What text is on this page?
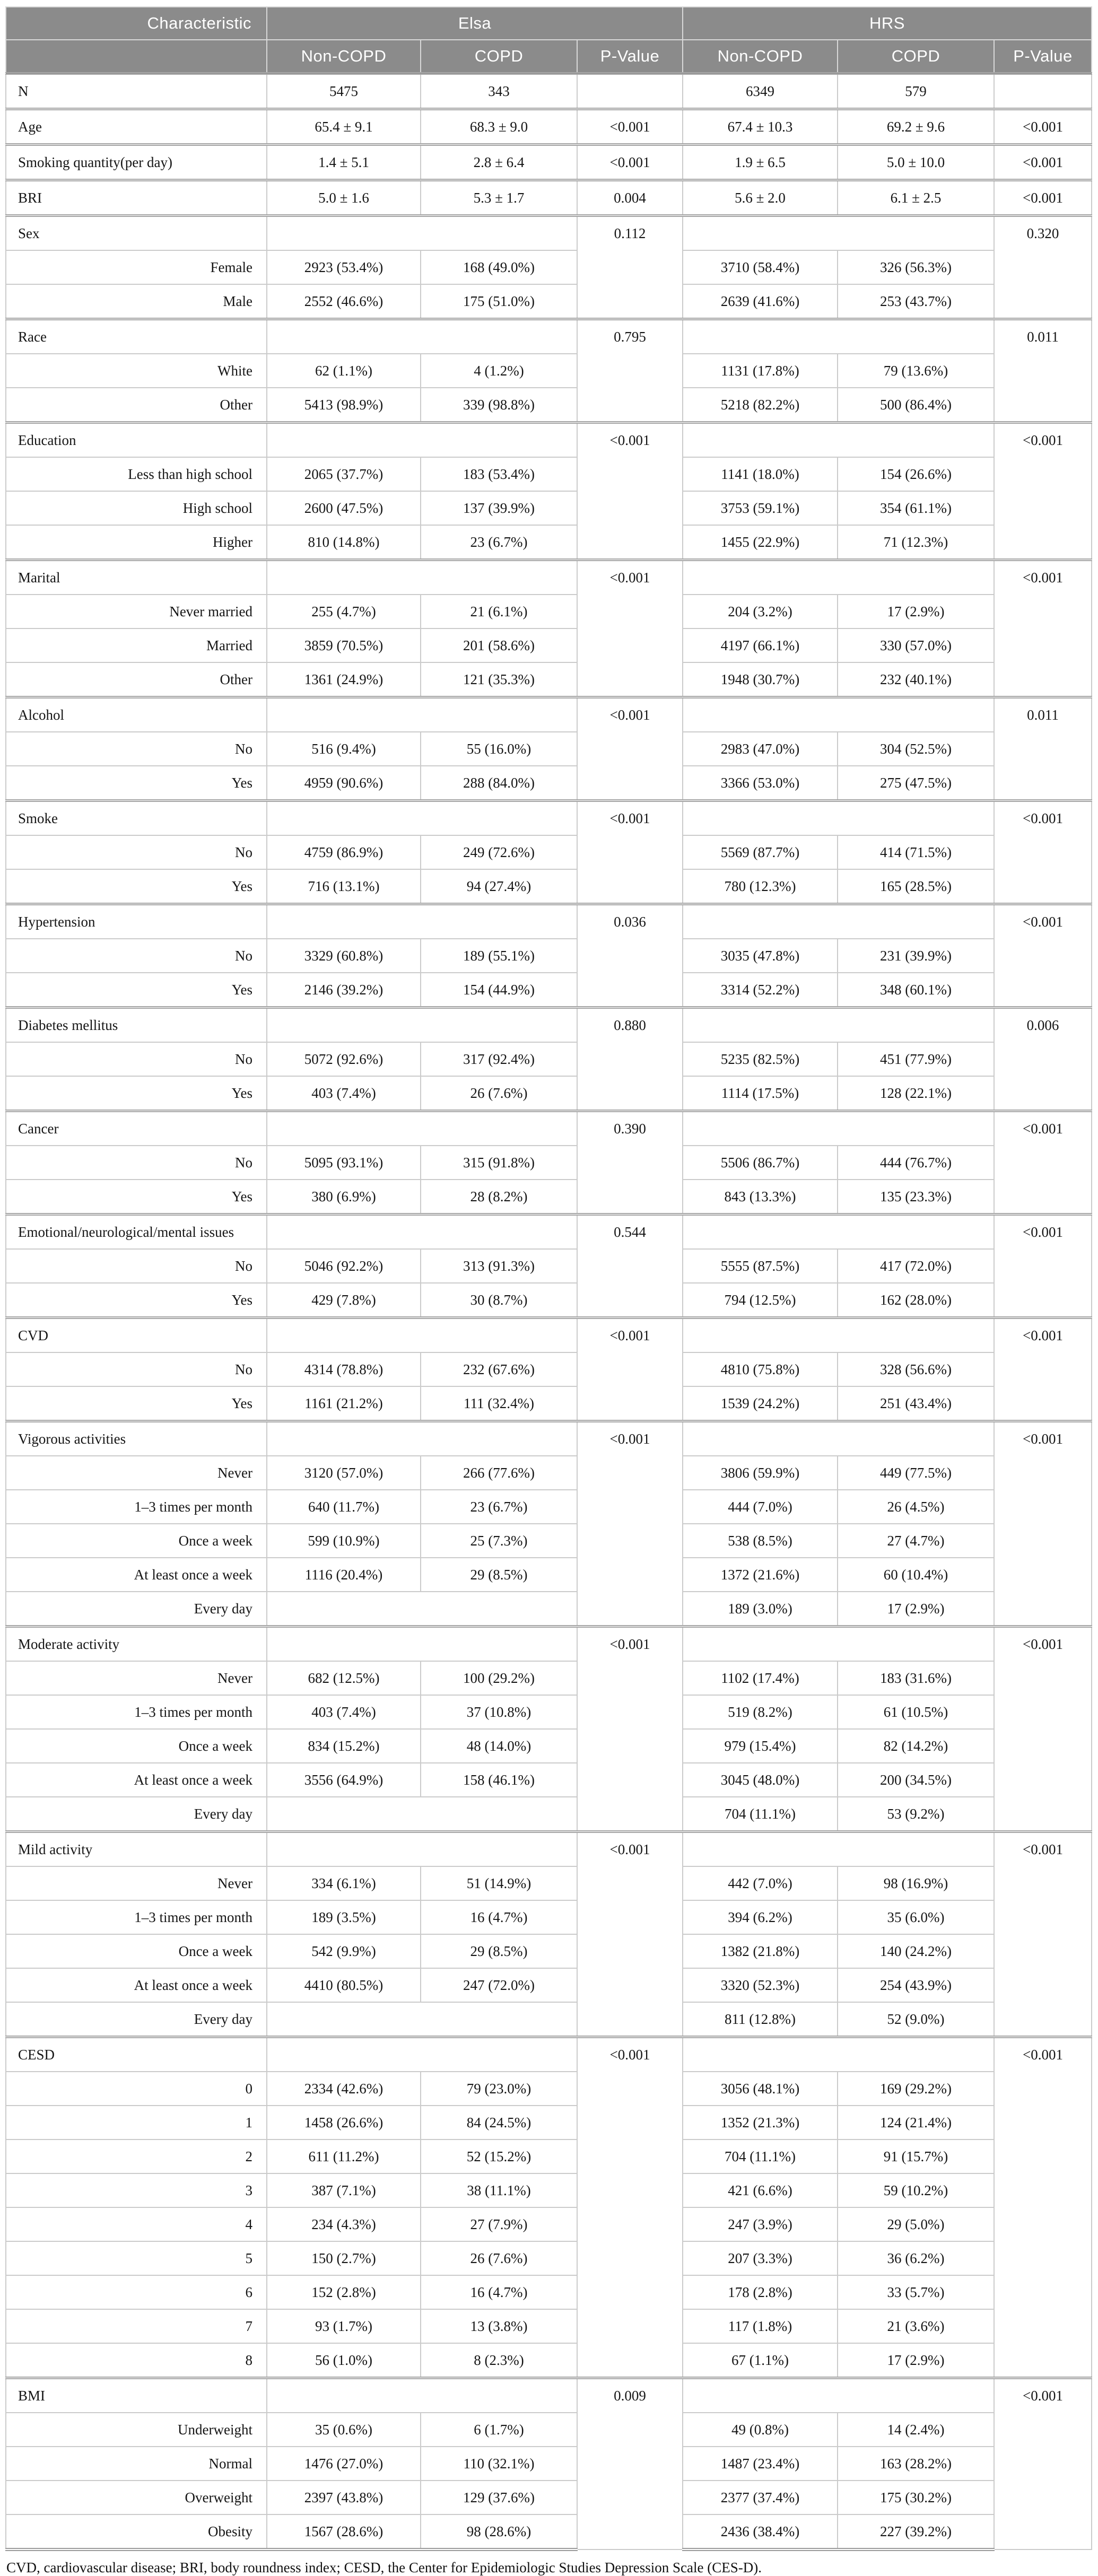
Characteristic	Elsa			HRS		
	Non-COPD	COPD	P-Value	Non-COPD	COPD	P-Value
N	5475	343		6349	579	
Age	65.4 ± 9.1	68.3 ± 9.0	<0.001	67.4 ± 10.3	69.2 ± 9.6	<0.001
Smoking quantity(per day)	1.4 ± 5.1	2.8 ± 6.4	<0.001	1.9 ± 6.5	5.0 ± 10.0	<0.001
BRI	5.0 ± 1.6	5.3 ± 1.7	0.004	5.6 ± 2.0	6.1 ± 2.5	<0.001
Sex			0.112			0.320
Female	2923 (53.4%)	168 (49.0%)		3710 (58.4%)	326 (56.3%)	
Male	2552 (46.6%)	175 (51.0%)		2639 (41.6%)	253 (43.7%)	
Race			0.795			0.011
White	62 (1.1%)	4 (1.2%)		1131 (17.8%)	79 (13.6%)	
Other	5413 (98.9%)	339 (98.8%)		5218 (82.2%)	500 (86.4%)	
Education			<0.001			<0.001
Less than high school	2065 (37.7%)	183 (53.4%)		1141 (18.0%)	154 (26.6%)	
High school	2600 (47.5%)	137 (39.9%)		3753 (59.1%)	354 (61.1%)	
Higher	810 (14.8%)	23 (6.7%)		1455 (22.9%)	71 (12.3%)	
Marital			<0.001			<0.001
Never married	255 (4.7%)	21 (6.1%)		204 (3.2%)	17 (2.9%)	
Married	3859 (70.5%)	201 (58.6%)		4197 (66.1%)	330 (57.0%)	
Other	1361 (24.9%)	121 (35.3%)		1948 (30.7%)	232 (40.1%)	
Alcohol			<0.001			0.011
No	516 (9.4%)	55 (16.0%)		2983 (47.0%)	304 (52.5%)	
Yes	4959 (90.6%)	288 (84.0%)		3366 (53.0%)	275 (47.5%)	
Smoke			<0.001			<0.001
No	4759 (86.9%)	249 (72.6%)		5569 (87.7%)	414 (71.5%)	
Yes	716 (13.1%)	94 (27.4%)		780 (12.3%)	165 (28.5%)	
Hypertension			0.036			<0.001
No	3329 (60.8%)	189 (55.1%)		3035 (47.8%)	231 (39.9%)	
Yes	2146 (39.2%)	154 (44.9%)		3314 (52.2%)	348 (60.1%)	
Diabetes mellitus			0.880			0.006
No	5072 (92.6%)	317 (92.4%)		5235 (82.5%)	451 (77.9%)	
Yes	403 (7.4%)	26 (7.6%)		1114 (17.5%)	128 (22.1%)	
Cancer			0.390			<0.001
No	5095 (93.1%)	315 (91.8%)		5506 (86.7%)	444 (76.7%)	
Yes	380 (6.9%)	28 (8.2%)		843 (13.3%)	135 (23.3%)	
Emotional/neurological/mental issues			0.544			<0.001
No	5046 (92.2%)	313 (91.3%)		5555 (87.5%)	417 (72.0%)	
Yes	429 (7.8%)	30 (8.7%)		794 (12.5%)	162 (28.0%)	
CVD			<0.001			<0.001
No	4314 (78.8%)	232 (67.6%)		4810 (75.8%)	328 (56.6%)	
Yes	1161 (21.2%)	111 (32.4%)		1539 (24.2%)	251 (43.4%)	
Vigorous activities			<0.001			<0.001
Never	3120 (57.0%)	266 (77.6%)		3806 (59.9%)	449 (77.5%)	
1–3 times per month	640 (11.7%)	23 (6.7%)		444 (7.0%)	26 (4.5%)	
Once a week	599 (10.9%)	25 (7.3%)		538 (8.5%)	27 (4.7%)	
At least once a week	1116 (20.4%)	29 (8.5%)		1372 (21.6%)	60 (10.4%)	
Every day				189 (3.0%)	17 (2.9%)	
Moderate activity			<0.001			<0.001
Never	682 (12.5%)	100 (29.2%)		1102 (17.4%)	183 (31.6%)	
1–3 times per month	403 (7.4%)	37 (10.8%)		519 (8.2%)	61 (10.5%)	
Once a week	834 (15.2%)	48 (14.0%)		979 (15.4%)	82 (14.2%)	
At least once a week	3556 (64.9%)	158 (46.1%)		3045 (48.0%)	200 (34.5%)	
Every day				704 (11.1%)	53 (9.2%)	
Mild activity			<0.001			<0.001
Never	334 (6.1%)	51 (14.9%)		442 (7.0%)	98 (16.9%)	
1–3 times per month	189 (3.5%)	16 (4.7%)		394 (6.2%)	35 (6.0%)	
Once a week	542 (9.9%)	29 (8.5%)		1382 (21.8%)	140 (24.2%)	
At least once a week	4410 (80.5%)	247 (72.0%)		3320 (52.3%)	254 (43.9%)	
Every day				811 (12.8%)	52 (9.0%)	
CESD			<0.001			<0.001
0	2334 (42.6%)	79 (23.0%)		3056 (48.1%)	169 (29.2%)	
1	1458 (26.6%)	84 (24.5%)		1352 (21.3%)	124 (21.4%)	
2	611 (11.2%)	52 (15.2%)		704 (11.1%)	91 (15.7%)	
3	387 (7.1%)	38 (11.1%)		421 (6.6%)	59 (10.2%)	
4	234 (4.3%)	27 (7.9%)		247 (3.9%)	29 (5.0%)	
5	150 (2.7%)	26 (7.6%)		207 (3.3%)	36 (6.2%)	
6	152 (2.8%)	16 (4.7%)		178 (2.8%)	33 (5.7%)	
7	93 (1.7%)	13 (3.8%)		117 (1.8%)	21 (3.6%)	
8	56 (1.0%)	8 (2.3%)		67 (1.1%)	17 (2.9%)	
BMI			0.009			<0.001
Underweight	35 (0.6%)	6 (1.7%)		49 (0.8%)	14 (2.4%)	
Normal	1476 (27.0%)	110 (32.1%)		1487 (23.4%)	163 (28.2%)	
Overweight	2397 (43.8%)	129 (37.6%)		2377 (37.4%)	175 (30.2%)	
Obesity	1567 (28.6%)	98 (28.6%)		2436 (38.4%)	227 (39.2%)	

CVD, cardiovascular disease; BRI, body roundness index; CESD, the Center for Epidemiologic Studies Depression Scale (CES-D).
